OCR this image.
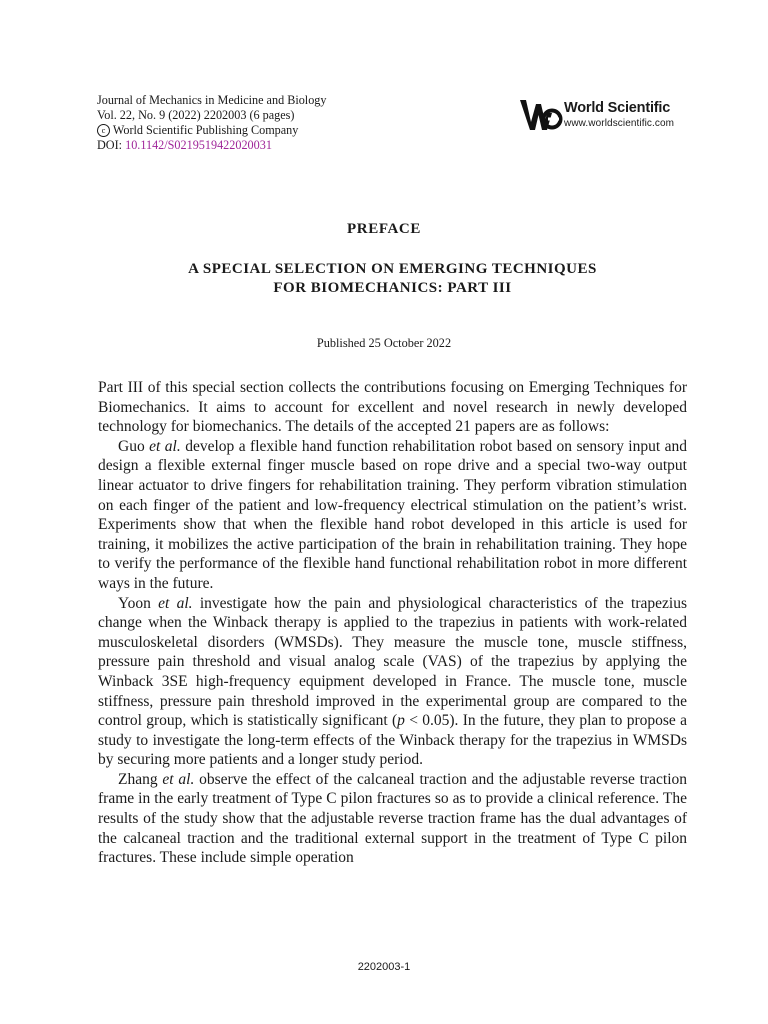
Journal of Mechanics in Medicine and Biology
Vol. 22, No. 9 (2022) 2202003 (6 pages)
c World Scientific Publishing Company
DOI: 10.1142/S0219519422020031
World Scientific
www.worldscientific.com
PREFACE
A SPECIAL SELECTION ON EMERGING TECHNIQUES
FOR BIOMECHANICS: PART III
Published 25 October 2022

Part III of this special section collects the contributions focusing on Emerging Techniques for Biomechanics. It aims to account for excellent and novel research in newly developed technology for biomechanics. The details of the accepted 21 papers are as follows:

Guo et al. develop a flexible hand function rehabilitation robot based on sensory input and design a flexible external finger muscle based on rope drive and a special two-way output linear actuator to drive fingers for rehabilitation training. They perform vibration stimulation on each finger of the patient and low-frequency electrical stimulation on the patient’s wrist. Experiments show that when the flexible hand robot developed in this article is used for training, it mobilizes the active participation of the brain in rehabilitation training. They hope to verify the performance of the flexible hand functional rehabilitation robot in more different ways in the future.

Yoon et al. investigate how the pain and physiological characteristics of the trapezius change when the Winback therapy is applied to the trapezius in patients with work-related musculoskeletal disorders (WMSDs). They measure the muscle tone, muscle stiffness, pressure pain threshold and visual analog scale (VAS) of the trapezius by applying the Winback 3SE high-frequency equipment developed in France. The muscle tone, muscle stiffness, pressure pain threshold improved in the experimental group are compared to the control group, which is statistically significant (p < 0.05). In the future, they plan to propose a study to investigate the long-term effects of the Winback therapy for the trapezius in WMSDs by securing more patients and a longer study period.

Zhang et al. observe the effect of the calcaneal traction and the adjustable reverse traction frame in the early treatment of Type C pilon fractures so as to provide a clinical reference. The results of the study show that the adjustable reverse traction frame has the dual advantages of the calcaneal traction and the traditional external support in the treatment of Type C pilon fractures. These include simple operation

2202003-1
